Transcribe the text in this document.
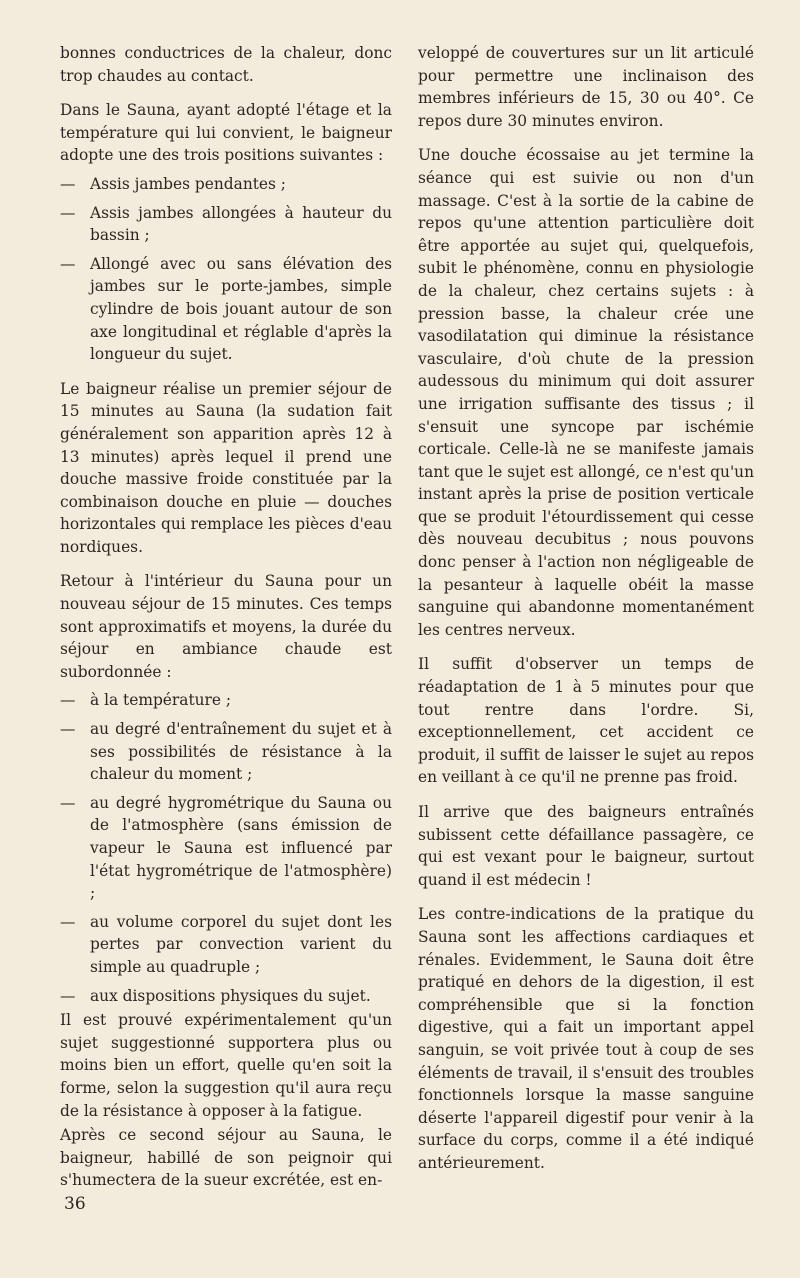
bonnes conductrices de la chaleur, donc trop chaudes au contact.

Dans le Sauna, ayant adopté l'étage et la température qui lui convient, le baigneur adopte une des trois positions suivantes :

— Assis jambes pendantes ;
— Assis jambes allongées à hauteur du bassin ;
— Allongé avec ou sans élévation des jambes sur le porte-jambes, simple cylindre de bois jouant autour de son axe longitudinal et réglable d'après la longueur du sujet.

Le baigneur réalise un premier séjour de 15 minutes au Sauna (la sudation fait généralement son apparition après 12 à 13 minutes) après lequel il prend une douche massive froide constituée par la combinaison douche en pluie — douches horizontales qui remplace les pièces d'eau nordiques.

Retour à l'intérieur du Sauna pour un nouveau séjour de 15 minutes. Ces temps sont approximatifs et moyens, la durée du séjour en ambiance chaude est subordonnée :

— à la température ;
— au degré d'entraînement du sujet et à ses possibilités de résistance à la chaleur du moment ;
— au degré hygrométrique du Sauna ou de l'atmosphère (sans émission de vapeur le Sauna est influencé par l'état hygrométrique de l'atmosphère) ;
— au volume corporel du sujet dont les pertes par convection varient du simple au quadruple ;
— aux dispositions physiques du sujet.

Il est prouvé expérimentalement qu'un sujet suggestionné supportera plus ou moins bien un effort, quelle qu'en soit la forme, selon la suggestion qu'il aura reçu de la résistance à opposer à la fatigue.

Après ce second séjour au Sauna, le baigneur, habillé de son peignoir qui s'humectera de la sueur excrétée, est en-

veloppé de couvertures sur un lit articulé pour permettre une inclinaison des membres inférieurs de 15, 30 ou 40°. Ce repos dure 30 minutes environ.

Une douche écossaise au jet termine la séance qui est suivie ou non d'un massage. C'est à la sortie de la cabine de repos qu'une attention particulière doit être apportée au sujet qui, quelquefois, subit le phénomène, connu en physiologie de la chaleur, chez certains sujets : à pression basse, la chaleur crée une vasodilatation qui diminue la résistance vasculaire, d'où chute de la pression audessous du minimum qui doit assurer une irrigation suffisante des tissus ; il s'ensuit une syncope par ischémie corticale. Celle-là ne se manifeste jamais tant que le sujet est allongé, ce n'est qu'un instant après la prise de position verticale que se produit l'étourdissement qui cesse dès nouveau decubitus ; nous pouvons donc penser à l'action non négligeable de la pesanteur à laquelle obéit la masse sanguine qui abandonne momentanément les centres nerveux.

Il suffit d'observer un temps de réadaptation de 1 à 5 minutes pour que tout rentre dans l'ordre. Si, exceptionnellement, cet accident ce produit, il suffit de laisser le sujet au repos en veillant à ce qu'il ne prenne pas froid.

Il arrive que des baigneurs entraînés subissent cette défaillance passagère, ce qui est vexant pour le baigneur, surtout quand il est médecin !

Les contre-indications de la pratique du Sauna sont les affections cardiaques et rénales. Evidemment, le Sauna doit être pratiqué en dehors de la digestion, il est compréhensible que si la fonction digestive, qui a fait un important appel sanguin, se voit privée tout à coup de ses éléments de travail, il s'ensuit des troubles fonctionnels lorsque la masse sanguine déserte l'appareil digestif pour venir à la surface du corps, comme il a été indiqué antérieurement.

36
